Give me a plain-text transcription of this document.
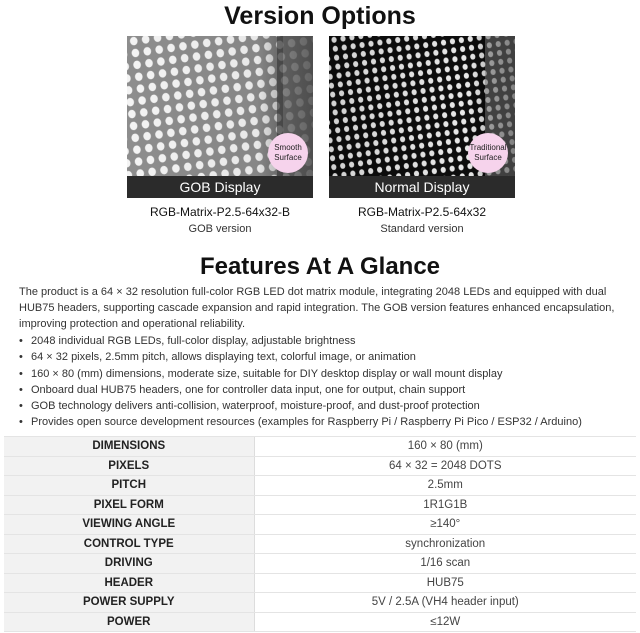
Version Options
Smooth
Surface
GOB Display
Traditional
Surface
Normal Display
RGB-Matrix-P2.5-64x32-B
GOB version
RGB-Matrix-P2.5-64x32
Standard version
Features At A Glance
The product is a 64 × 32 resolution full-color RGB LED dot matrix module, integrating 2048 LEDs and equipped with dual HUB75 headers, supporting cascade expansion and rapid integration. The GOB version features enhanced encapsulation, improving protection and operational reliability.
• 2048 individual RGB LEDs, full-color display, adjustable brightness
• 64 × 32 pixels, 2.5mm pitch, allows displaying text, colorful image, or animation
• 160 × 80 (mm) dimensions, moderate size, suitable for DIY desktop display or wall mount display
• Onboard dual HUB75 headers, one for controller data input, one for output, chain support
• GOB technology delivers anti-collision, waterproof, moisture-proof, and dust-proof protection
• Provides open source development resources (examples for Raspberry Pi / Raspberry Pi Pico / ESP32 / Arduino)
DIMENSIONS	160 × 80 (mm)
PIXELS	64 × 32 = 2048 DOTS
PITCH	2.5mm
PIXEL FORM	1R1G1B
VIEWING ANGLE	≥140°
CONTROL TYPE	synchronization
DRIVING	1/16 scan
HEADER	HUB75
POWER SUPPLY	5V / 2.5A (VH4 header input)
POWER	≤12W
